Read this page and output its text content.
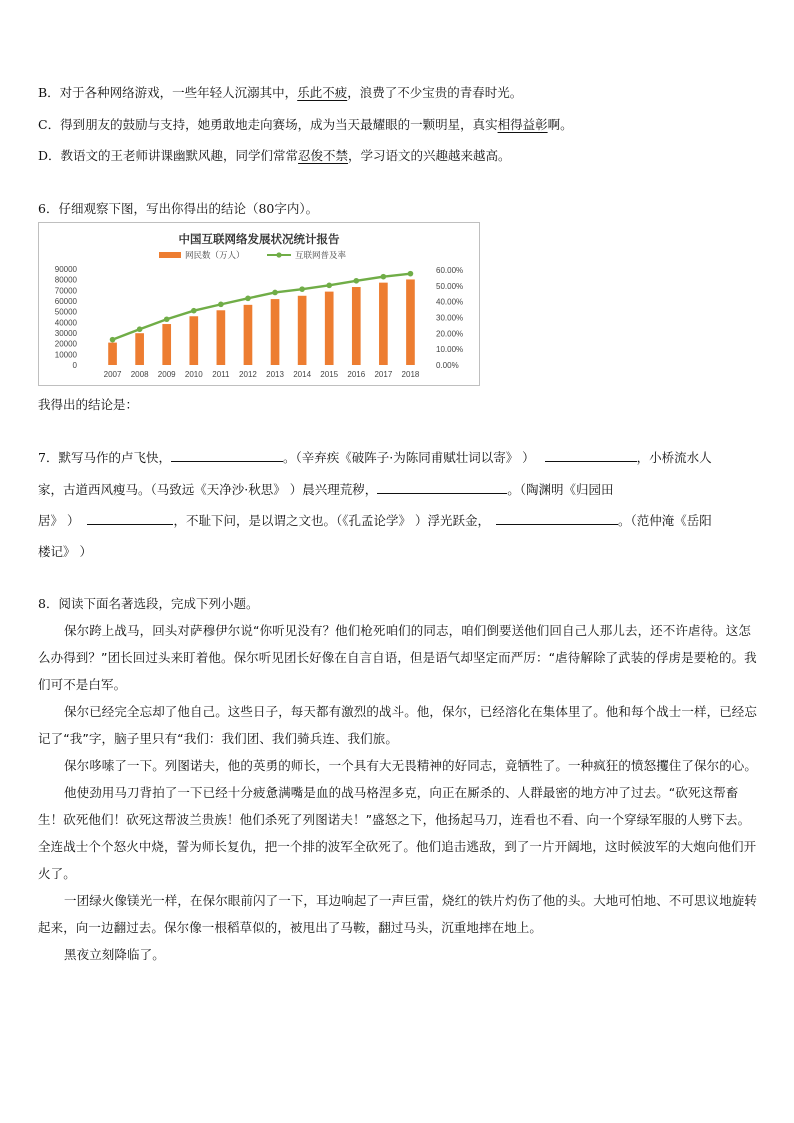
B．对于各种网络游戏，一些年轻人沉溺其中，乐此不疲，浪费了不少宝贵的青春时光。
C．得到朋友的鼓励与支持，她勇敢地走向赛场，成为当天最耀眼的一颗明星，真实相得益彰啊。
D．教语文的王老师讲课幽默风趣，同学们常常忍俊不禁，学习语文的兴趣越来越高。
6．仔细观察下图，写出你得出的结论（80字内）。
中国互联网络发展状况统计报告
网民数（万人）	互联网普及率
0
10000
20000
30000
40000
50000
60000
70000
80000
90000
0.00%
10.00%
20.00%
30.00%
40.00%
50.00%
60.00%
2007 2008 2009 2010 2011 2012 2013 2014 2015 2016 2017 2018
我得出的结论是：
7．默写马作的卢飞快，	。（辛弃疾《破阵子·为陈同甫赋壮词以寄》 ）	，小桥流水人
家，古道西风瘦马。（马致远《天净沙·秋思》 ）晨兴理荒秽，	。（陶渊明《归园田
居》 ）	，不耻下问，是以谓之文也。（《孔孟论学》 ）浮光跃金，	。（范仲淹《岳阳
楼记》 ）
8．阅读下面名著选段，完成下列小题。

保尔跨上战马，回头对萨穆伊尔说“你听见没有？他们枪死咱们的同志，咱们倒要送他们回自己人那儿去，还不许虐待。这怎么办得到？”团长回过头来盯着他。保尔听见团长好像在自言自语，但是语气却坚定而严厉：“虐待解除了武装的俘虏是要枪的。我们可不是白军。

保尔已经完全忘却了他自己。这些日子，每天都有激烈的战斗。他，保尔，已经溶化在集体里了。他和每个战士一样，已经忘记了“我”字，脑子里只有“我们：我们团、我们骑兵连、我们旅。

保尔哆嗦了一下。列图诺夫，他的英勇的师长，一个具有大无畏精神的好同志，竟牺牲了。一种疯狂的愤怒攫住了保尔的心。

他使劲用马刀背拍了一下已经十分疲惫满嘴是血的战马格涅多克，向正在厮杀的、人群最密的地方冲了过去。“砍死这帮畜生！砍死他们！砍死这帮波兰贵族！他们杀死了列图诺夫！”盛怒之下，他扬起马刀，连看也不看、向一个穿绿军服的人劈下去。全连战士个个怒火中烧，誓为师长复仇，把一个排的波军全砍死了。他们追击逃敌，到了一片开阔地，这时候波军的大炮向他们开火了。

一团绿火像镁光一样，在保尔眼前闪了一下，耳边响起了一声巨雷，烧红的铁片灼伤了他的头。大地可怕地、不可思议地旋转起来，向一边翻过去。保尔像一根稻草似的，被甩出了马鞍，翻过马头，沉重地摔在地上。

黑夜立刻降临了。
